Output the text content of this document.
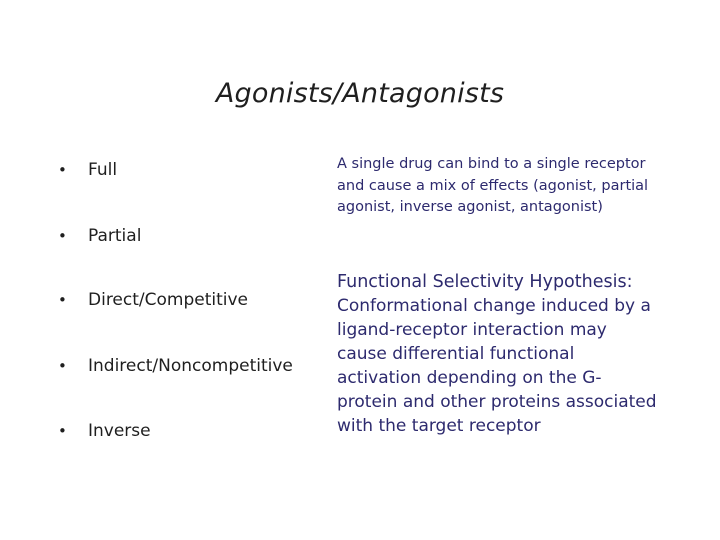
Agonists/Antagonists
• Full
• Partial
• Direct/Competitive
• Indirect/Noncompetitive
• Inverse
A single drug can bind to a single receptor and cause a mix of effects (agonist, partial agonist, inverse agonist, antagonist)
Functional Selectivity Hypothesis:
Conformational change induced by a ligand-receptor interaction may cause differential functional activation depending on the G-protein and other proteins associated with the target receptor
